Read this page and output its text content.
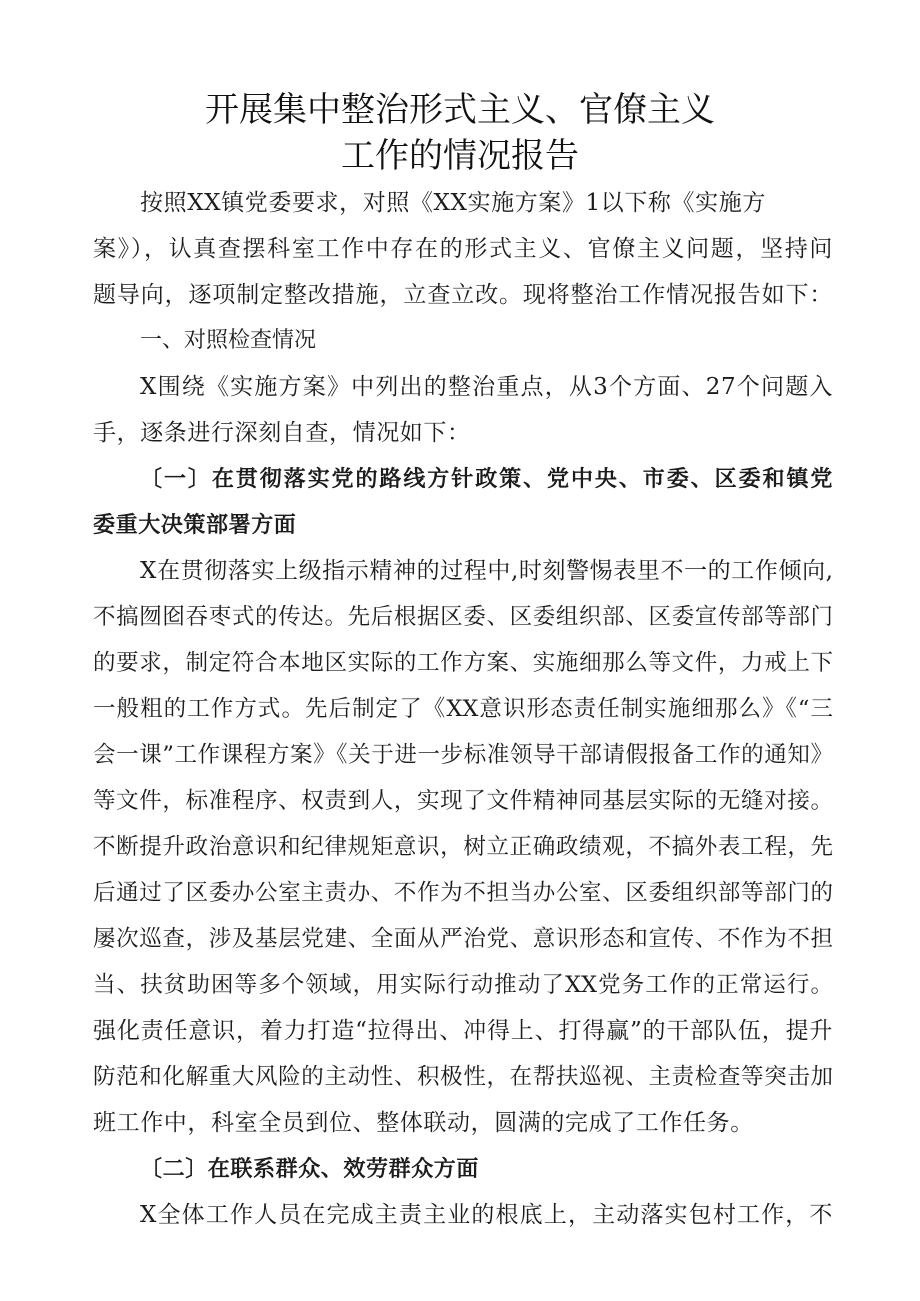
开展集中整治形式主义、官僚主义
工作的情况报告
按照XX镇党委要求，对照《XX实施方案》1以下称《实施方
案》），认真查摆科室工作中存在的形式主义、官僚主义问题，坚持问
题导向，逐项制定整改措施，立查立改。现将整治工作情况报告如下：
一、对照检查情况
X围绕《实施方案》中列出的整治重点，从3个方面、27个问题入
手，逐条进行深刻自查，情况如下：
〔一〕在贯彻落实党的路线方针政策、党中央、市委、区委和镇党
委重大决策部署方面
X在贯彻落实上级指示精神的过程中,时刻警惕表里不一的工作倾向,
不搞囫囵吞枣式的传达。先后根据区委、区委组织部、区委宣传部等部门
的要求，制定符合本地区实际的工作方案、实施细那么等文件，力戒上下
一般粗的工作方式。先后制定了《XX意识形态责任制实施细那么》《“三
会一课”工作课程方案》《关于进一步标准领导干部请假报备工作的通知》
等文件，标准程序、权责到人，实现了文件精神同基层实际的无缝对接。
不断提升政治意识和纪律规矩意识，树立正确政绩观，不搞外表工程，先
后通过了区委办公室主责办、不作为不担当办公室、区委组织部等部门的
屡次巡查，涉及基层党建、全面从严治党、意识形态和宣传、不作为不担
当、扶贫助困等多个领域，用实际行动推动了XX党务工作的正常运行。
强化责任意识，着力打造“拉得出、冲得上、打得赢”的干部队伍，提升
防范和化解重大风险的主动性、积极性，在帮扶巡视、主责检查等突击加
班工作中，科室全员到位、整体联动，圆满的完成了工作任务。
〔二〕在联系群众、效劳群众方面
X全体工作人员在完成主责主业的根底上，主动落实包村工作，不
